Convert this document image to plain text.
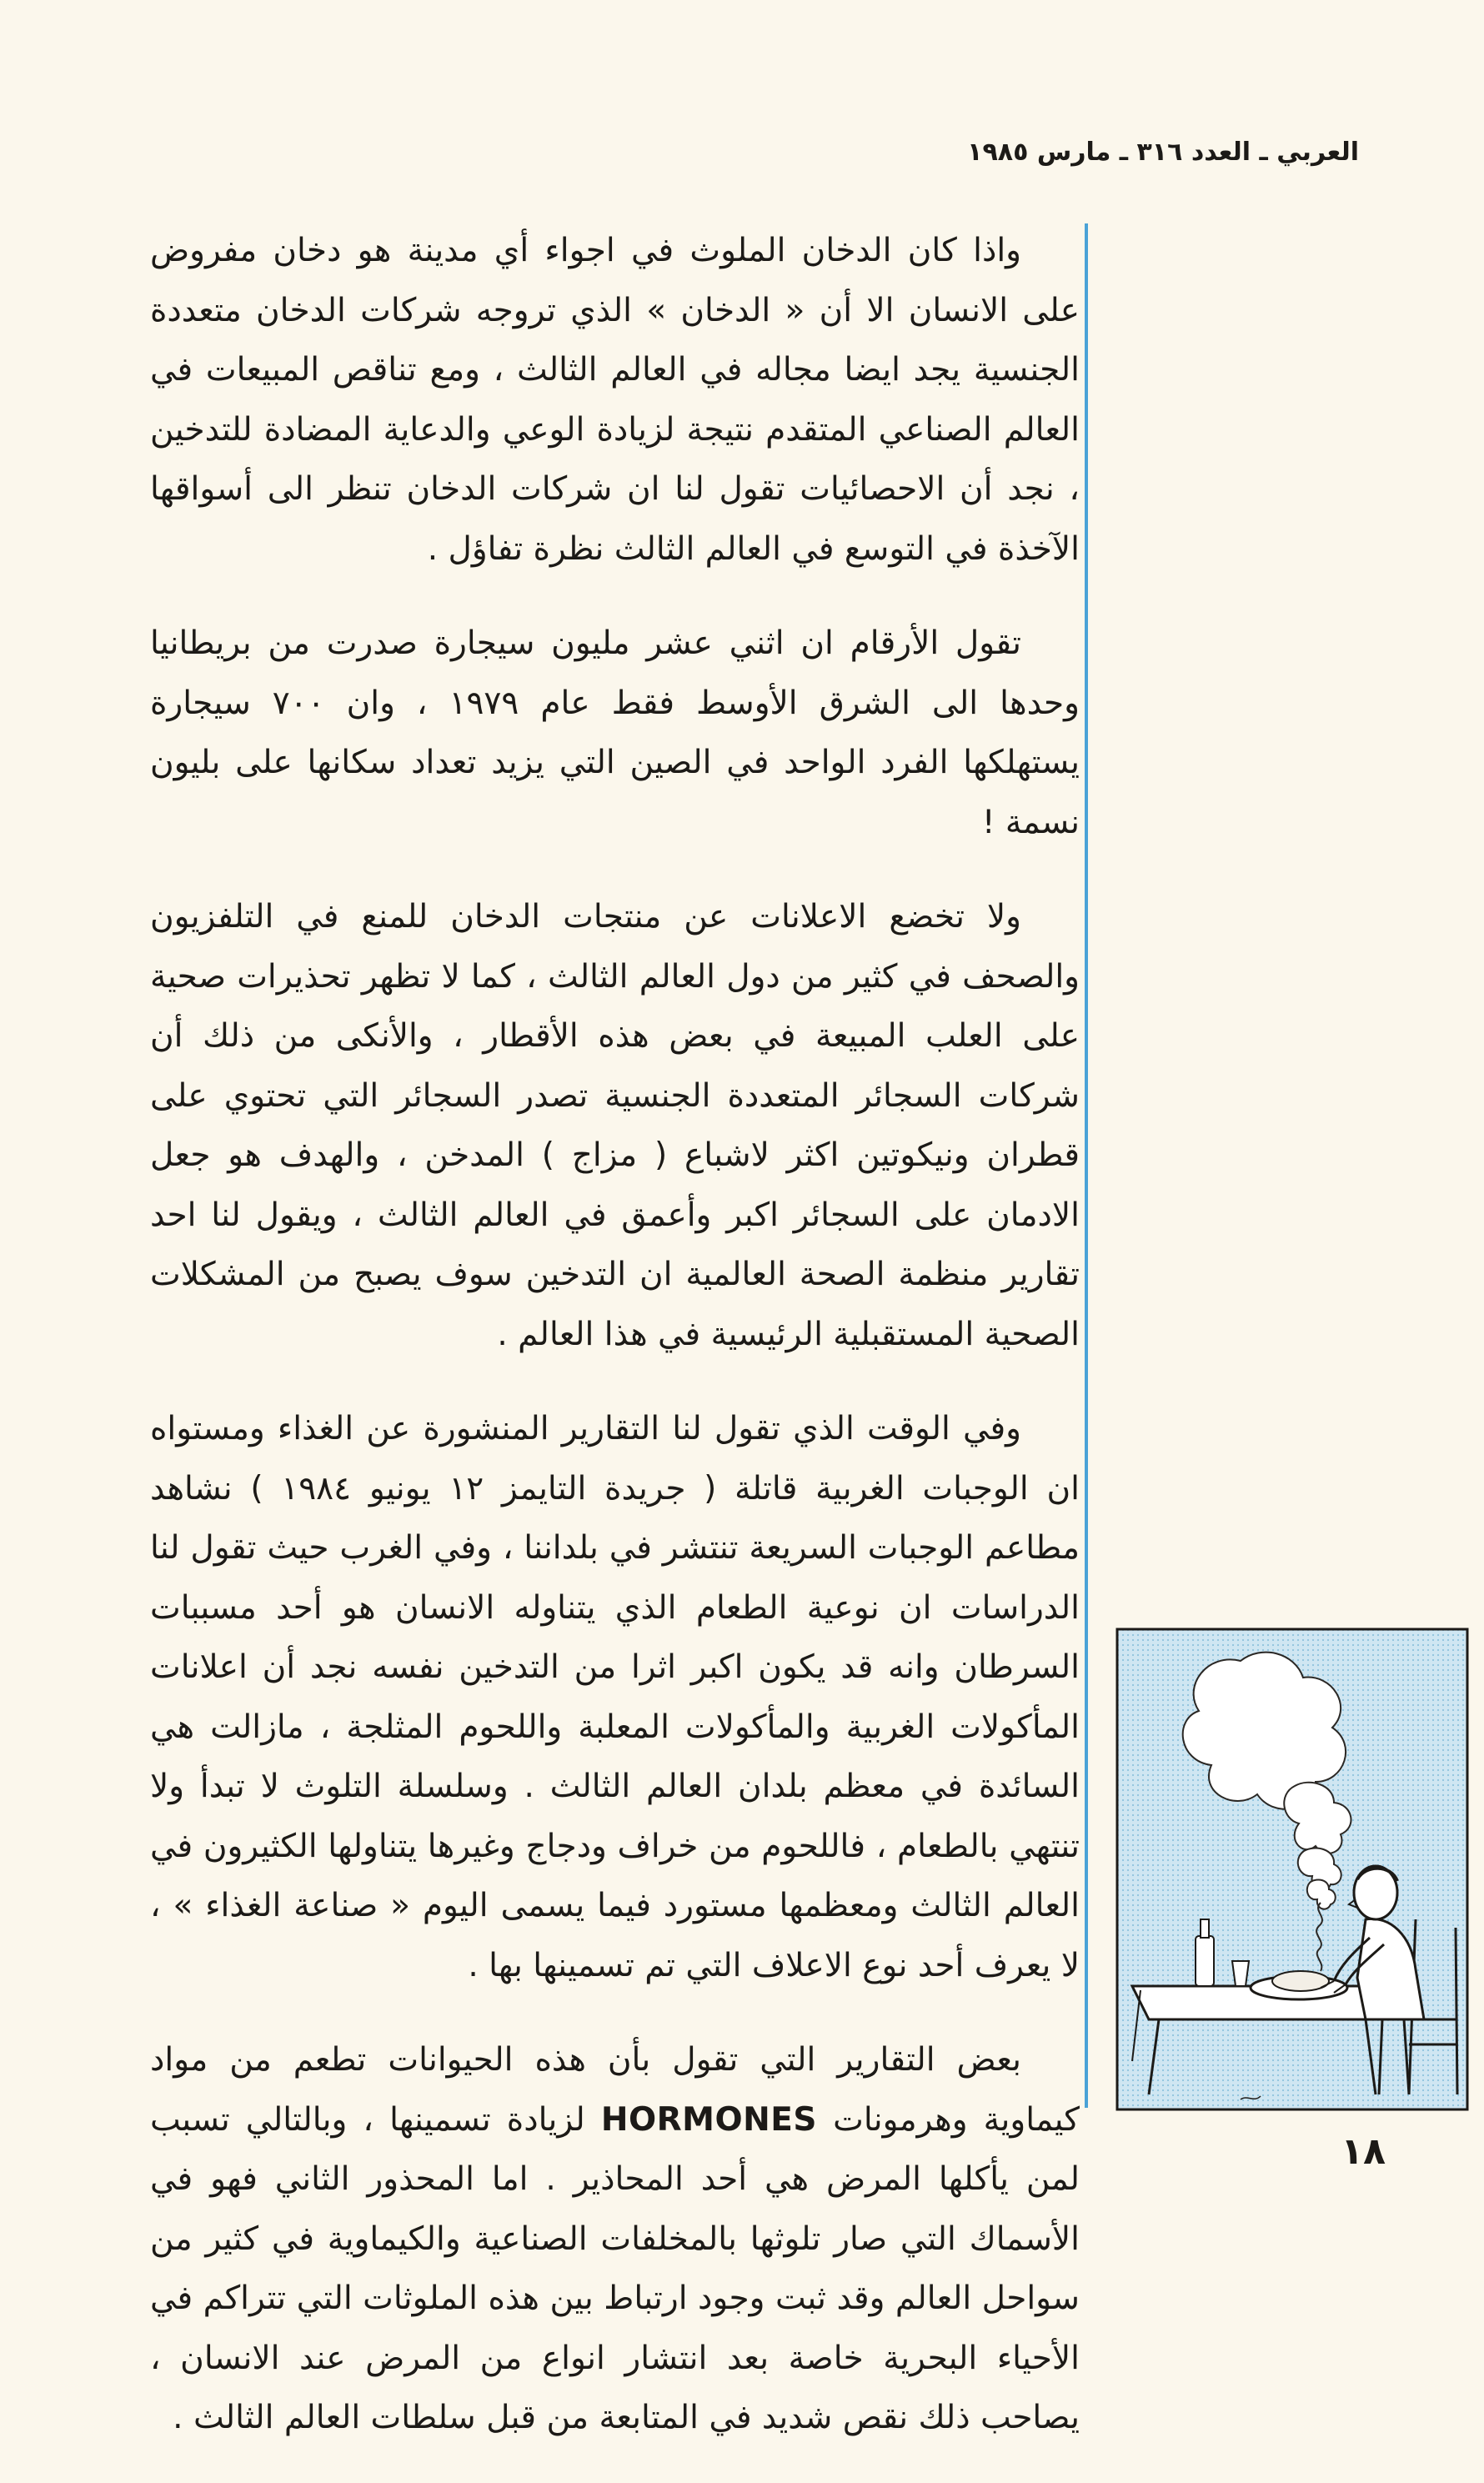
العربي ـ العدد ٣١٦ ـ مارس ١٩٨٥

واذا كان الدخان الملوث في اجواء أي مدينة هو دخان مفروض على الانسان الا أن « الدخان » الذي تروجه شركات الدخان متعددة الجنسية يجد ايضا مجاله في العالم الثالث ، ومع تناقص المبيعات في العالم الصناعي المتقدم نتيجة لزيادة الوعي والدعاية المضادة للتدخين ، نجد أن الاحصائيات تقول لنا ان شركات الدخان تنظر الى أسواقها الآخذة في التوسع في العالم الثالث نظرة تفاؤل .

تقول الأرقام ان اثني عشر مليون سيجارة صدرت من بريطانيا وحدها الى الشرق الأوسط فقط عام ١٩٧٩ ، وان ٧٠٠ سيجارة يستهلكها الفرد الواحد في الصين التي يزيد تعداد سكانها على بليون نسمة !

ولا تخضع الاعلانات عن منتجات الدخان للمنع في التلفزيون والصحف في كثير من دول العالم الثالث ، كما لا تظهر تحذيرات صحية على العلب المبيعة في بعض هذه الأقطار ، والأنكى من ذلك أن شركات السجائر المتعددة الجنسية تصدر السجائر التي تحتوي على قطران ونيكوتين اكثر لاشباع ( مزاج ) المدخن ، والهدف هو جعل الادمان على السجائر اكبر وأعمق في العالم الثالث ، ويقول لنا احد تقارير منظمة الصحة العالمية ان التدخين سوف يصبح من المشكلات الصحية المستقبلية الرئيسية في هذا العالم .

وفي الوقت الذي تقول لنا التقارير المنشورة عن الغذاء ومستواه ان الوجبات الغربية قاتلة ( جريدة التايمز ١٢ يونيو ١٩٨٤ ) نشاهد مطاعم الوجبات السريعة تنتشر في بلداننا ، وفي الغرب حيث تقول لنا الدراسات ان نوعية الطعام الذي يتناوله الانسان هو أحد مسببات السرطان وانه قد يكون اكبر اثرا من التدخين نفسه نجد أن اعلانات المأكولات الغربية والمأكولات المعلبة واللحوم المثلجة ، مازالت هي السائدة في معظم بلدان العالم الثالث . وسلسلة التلوث لا تبدأ ولا تنتهي بالطعام ، فاللحوم من خراف ودجاج وغيرها يتناولها الكثيرون في العالم الثالث ومعظمها مستورد فيما يسمى اليوم « صناعة الغذاء » ، لا يعرف أحد نوع الاعلاف التي تم تسمينها بها .

بعض التقارير التي تقول بأن هذه الحيوانات تطعم من مواد كيماوية وهرمونات HORMONES لزيادة تسمينها ، وبالتالي تسبب لمن يأكلها المرض هي أحد المحاذير . اما المحذور الثاني فهو في الأسماك التي صار تلوثها بالمخلفات الصناعية والكيماوية في كثير من سواحل العالم وقد ثبت وجود ارتباط بين هذه الملوثات التي تتراكم في الأحياء البحرية خاصة بعد انتشار انواع من المرض عند الانسان ، يصاحب ذلك نقص شديد في المتابعة من قبل سلطات العالم الثالث .

١٨
